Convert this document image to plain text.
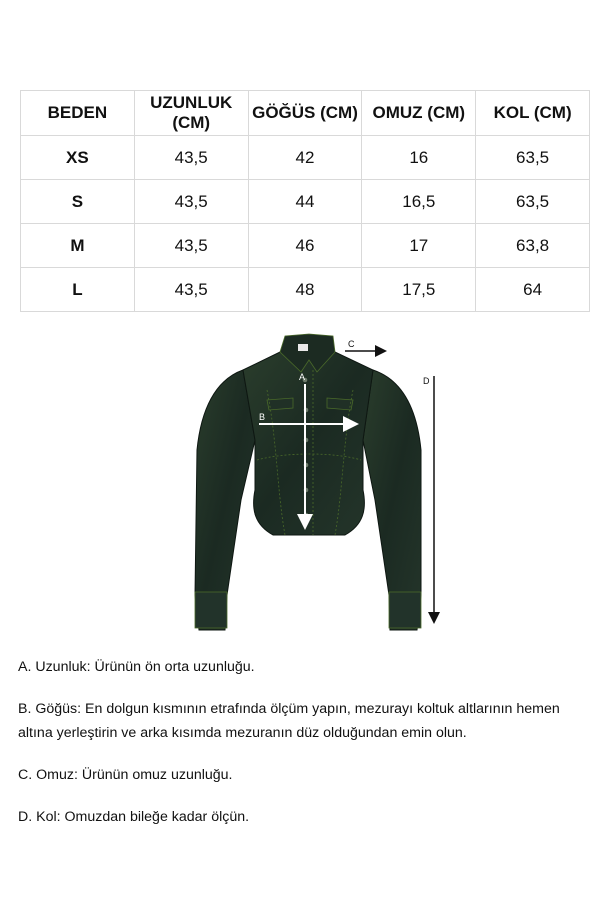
BEDEN	UZUNLUK (CM)	GÖĞÜS (CM)	OMUZ (CM)	KOL (CM)
XS	43,5	42	16	63,5
S	43,5	44	16,5	63,5
M	43,5	46	17	63,8
L	43,5	48	17,5	64
A
B
C
D

A. Uzunluk: Ürünün ön orta uzunluğu.

B. Göğüs: En dolgun kısmının etrafında ölçüm yapın, mezurayı koltuk altlarının hemen altına yerleştirin ve arka kısımda mezuranın düz olduğundan emin olun.

C. Omuz: Ürünün omuz uzunluğu.

D. Kol: Omuzdan bileğe kadar ölçün.
